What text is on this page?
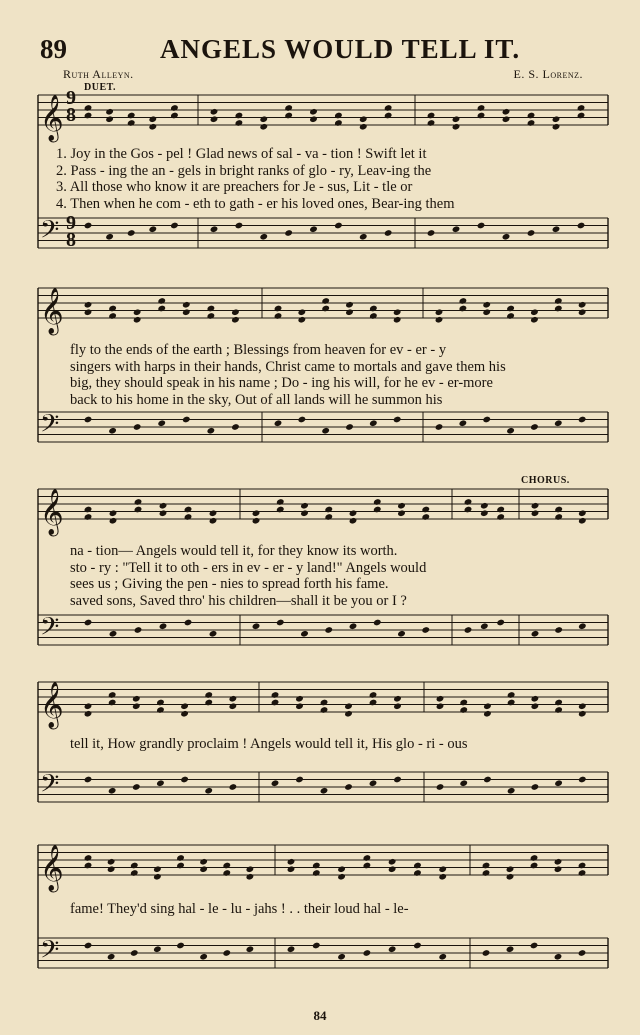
89	ANGELS WOULD TELL IT.
Ruth Alleyn.	E. S. Lorenz.
DUET.
CHORUS.
𝄞
𝄢
𝄞
𝄢
𝄞
𝄢
𝄞
𝄢
𝄞
𝄢
9
8
9
8
1. Joy in the Gos - pel ! Glad news of sal - va - tion ! Swift let it
2. Pass - ing the an - gels in bright ranks of glo - ry, Leav-ing the
3. All those who know it are preachers for Je - sus, Lit - tle or
4. Then when he com - eth to gath - er his loved ones, Bear-ing them
fly to the ends of the earth ; Blessings from heaven for ev - er - y
singers with harps in their hands, Christ came to mortals and gave them his
big, they should speak in his name ; Do - ing his will, for he ev - er-more
back to his home in the sky, Out of all lands will he summon his
na - tion— Angels would tell it, for they know its worth.
sto - ry : "Tell it to oth - ers in ev - er - y land!" Angels would
sees us ; Giving the pen - nies to spread forth his fame.
saved sons, Saved thro' his children—shall it be you or I ?
tell it, How grandly proclaim ! Angels would tell it, His glo - ri - ous
fame! They'd sing hal - le - lu - jahs ! . . their loud hal - le-
84
